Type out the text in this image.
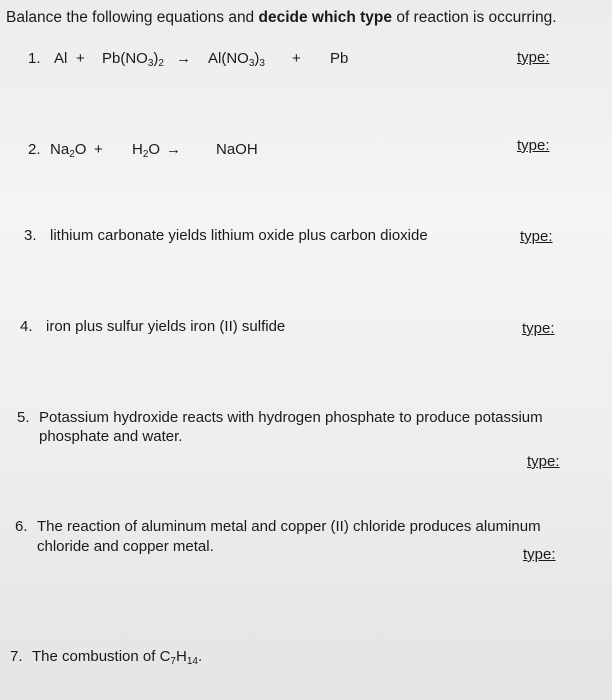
Balance the following equations and decide which type of reaction is occurring.
1. $Al + Pb(NO_3)_2 \to Al(NO_3)_3 + Pb$	type:
2. $Na_2O + H_2O$ → NaOH	type:
3. lithium carbonate yields lithium oxide plus carbon dioxide	type:
4. iron plus sulfur yields iron (II) sulfide	type:
5. Potassium hydroxide reacts with hydrogen phosphate to produce potassium
phosphate and water.
type:
6. The reaction of aluminum metal and copper (II) chloride produces aluminum
chloride and copper metal.	type:
7. The combustion of $C_7H_{14}$.
